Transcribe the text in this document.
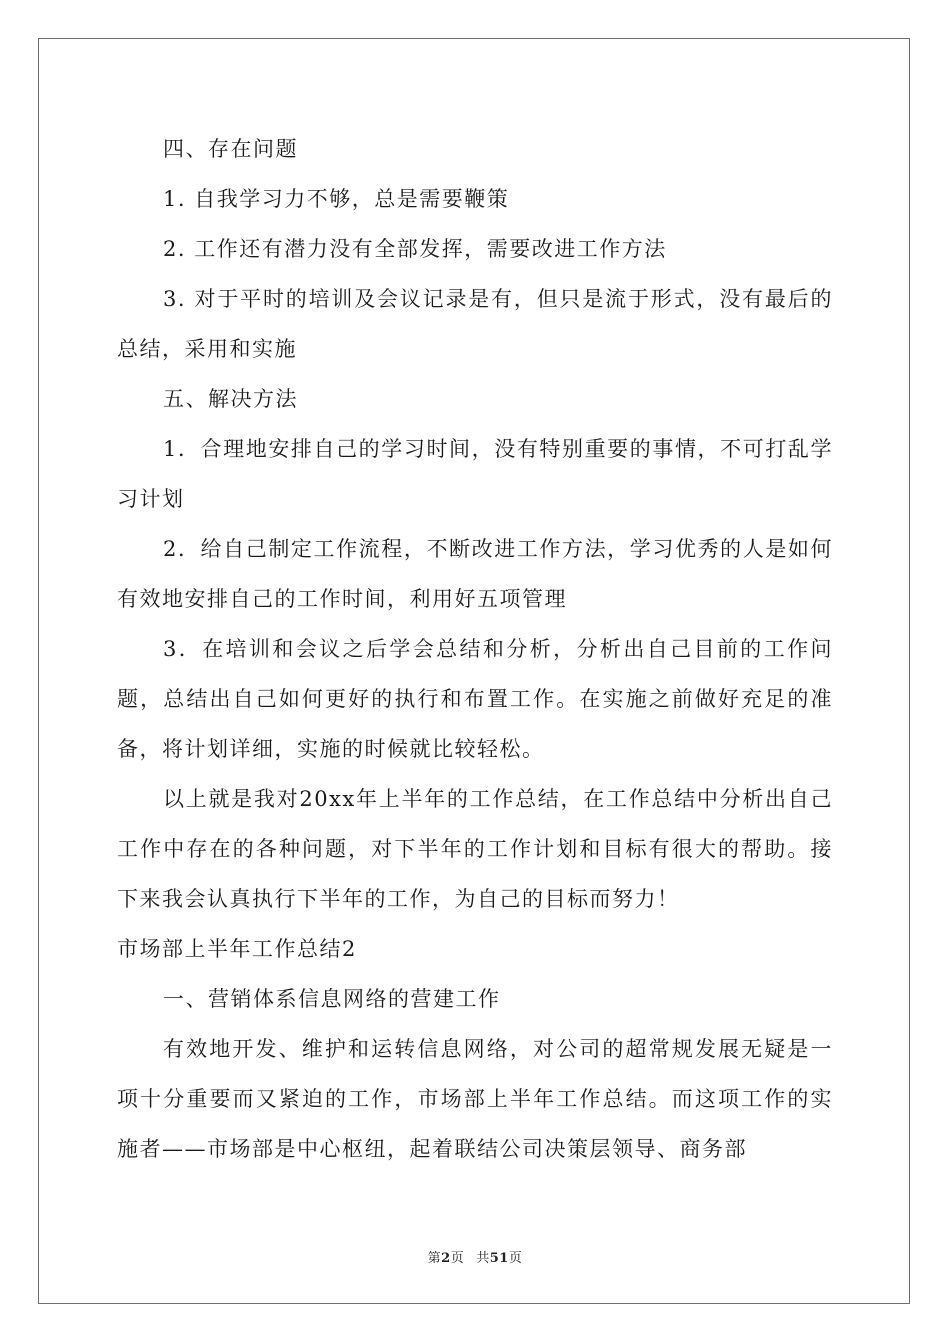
四、存在问题

1. 自我学习力不够，总是需要鞭策

2. 工作还有潜力没有全部发挥，需要改进工作方法

3. 对于平时的培训及会议记录是有，但只是流于形式，没有最后的总结，采用和实施

五、解决方法

1．合理地安排自己的学习时间，没有特别重要的事情，不可打乱学习计划

2．给自己制定工作流程，不断改进工作方法，学习优秀的人是如何有效地安排自己的工作时间，利用好五项管理

3．在培训和会议之后学会总结和分析，分析出自己目前的工作问题，总结出自己如何更好的执行和布置工作。在实施之前做好充足的准备，将计划详细，实施的时候就比较轻松。

以上就是我对20xx年上半年的工作总结，在工作总结中分析出自己工作中存在的各种问题，对下半年的工作计划和目标有很大的帮助。接下来我会认真执行下半年的工作，为自己的目标而努力！

市场部上半年工作总结2

一、营销体系信息网络的营建工作

有效地开发、维护和运转信息网络，对公司的超常规发展无疑是一项十分重要而又紧迫的工作，市场部上半年工作总结。而这项工作的实施者——市场部是中心枢纽，起着联结公司决策层领导、商务部

第2页 共51页
